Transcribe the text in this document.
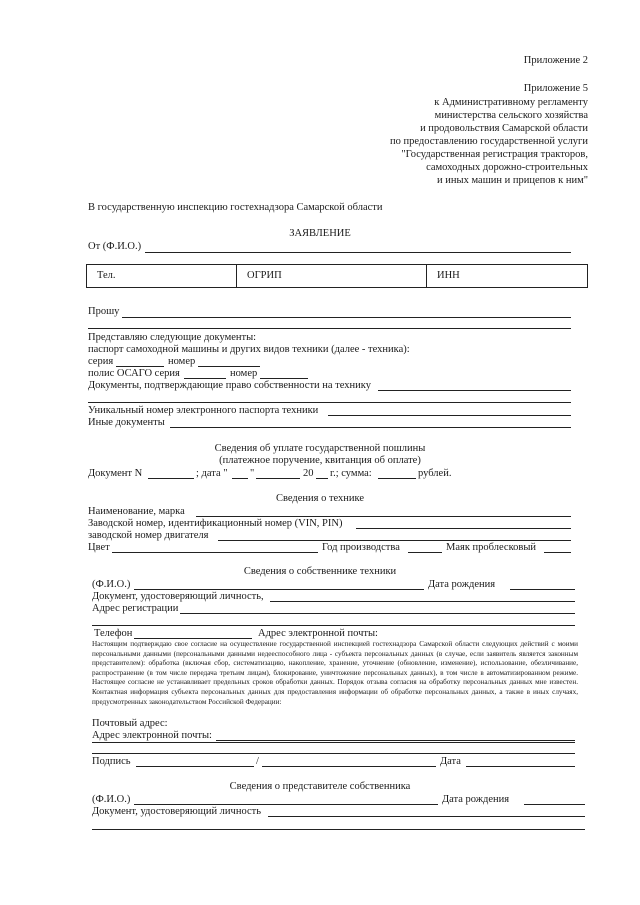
Приложение 2
Приложение 5
к Административному регламенту
министерства сельского хозяйства
и продовольствия Самарской области
по предоставлению государственной услуги
"Государственная регистрация тракторов,
самоходных дорожно-строительных
и иных машин и прицепов к ним"
В государственную инспекцию гостехнадзора Самарской области
ЗАЯВЛЕНИЕ
От (Ф.И.О.)
Тел.	ОГРИП	ИНН
Прошу
Представляю следующие документы:
паспорт самоходной машины и других видов техники (далее - техника):
серия	номер
полис ОСАГО серия	номер
Документы, подтверждающие право собственности на технику
Уникальный номер электронного паспорта техники
Иные документы
Сведения об уплате государственной пошлины
(платежное поручение, квитанция об оплате)
Документ N	; дата " "	20 г.; сумма:	рублей.
Сведения о технике
Наименование, марка
Заводской номер, идентификационный номер (VIN, PIN)
заводской номер двигателя
Цвет	Год производства	Маяк проблесковый
Сведения о собственнике техники
(Ф.И.О.)	Дата рождения
Документ, удостоверяющий личность,
Адрес регистрации
Телефон	Адрес электронной почты:
Настоящим подтверждаю свое согласие на осуществление государственной инспекцией гостехнадзора Самарской области следующих действий с моими персональными данными (персональными данными недееспособного лица - субъекта персональных данных (в случае, если заявитель является законным представителем): обработка (включая сбор, систематизацию, накопление, хранение, уточнение (обновление, изменение), использование, обезличивание, распространение (в том числе передача третьим лицам), блокирование, уничтожение персональных данных), в том числе в автоматизированном режиме. Настоящее согласие не устанавливает предельных сроков обработки данных. Порядок отзыва согласия на обработку персональных данных мне известен. Контактная информация субъекта персональных данных для предоставления информации об обработке персональных данных, а также в иных случаях, предусмотренных законодательством Российской Федерации:
Почтовый адрес:
Адрес электронной почты:
Подпись	/	Дата
Сведения о представителе собственника
(Ф.И.О.)	Дата рождения
Документ, удостоверяющий личность
